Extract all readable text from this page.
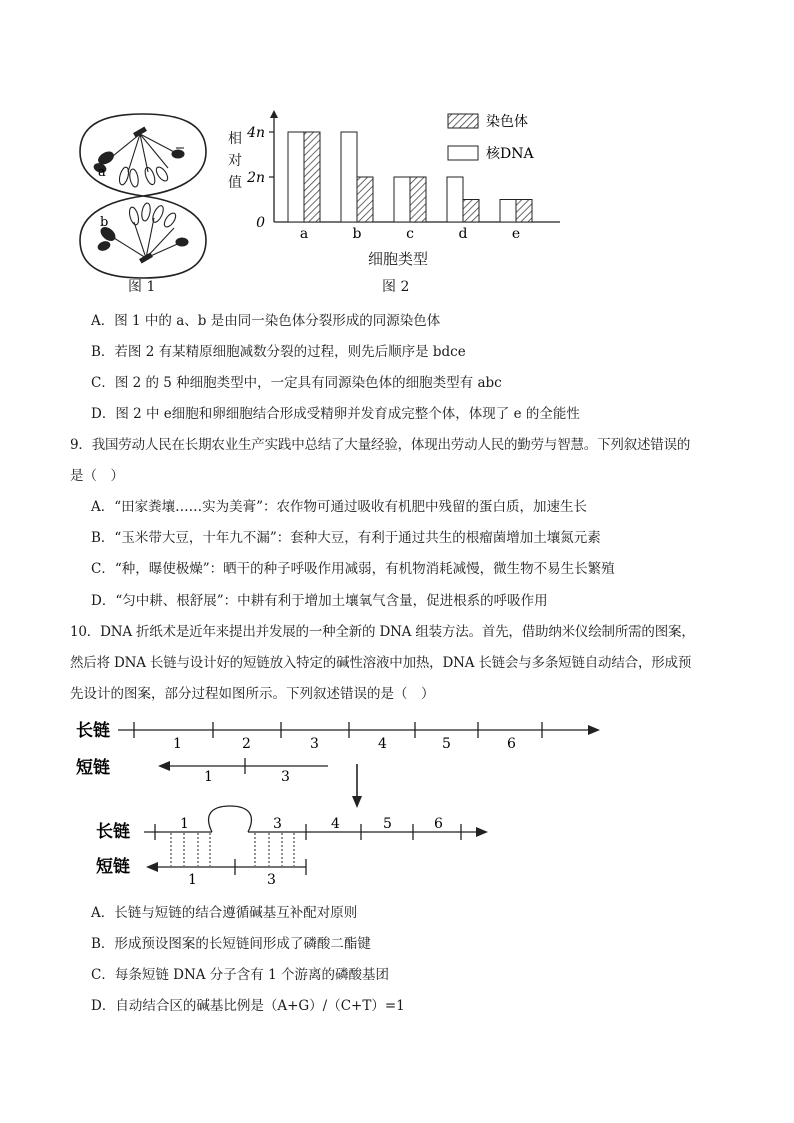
a
b
图 1
0
2n
4n
a	b	c	d	e
染色体
核DNA
相
对
值
细胞类型
图 2
A．图 1 中的 a、b 是由同一染色体分裂形成的同源染色体
B．若图 2 有某精原细胞减数分裂的过程，则先后顺序是 bdce
C．图 2 的 5 种细胞类型中，一定具有同源染色体的细胞类型有 abc
D．图 2 中 e细胞和卵细胞结合形成受精卵并发育成完整个体，体现了 e 的全能性
9．我国劳动人民在长期农业生产实践中总结了大量经验，体现出劳动人民的勤劳与智慧。下列叙述错误的
是（　）
A．“田家粪壤……实为美膏”：农作物可通过吸收有机肥中残留的蛋白质，加速生长
B．“玉米带大豆，十年九不漏”：套种大豆，有利于通过共生的根瘤菌增加土壤氮元素
C．“种，曝使极燥”：晒干的种子呼吸作用减弱，有机物消耗减慢，微生物不易生长繁殖
D．“匀中耕、根舒展”：中耕有利于增加土壤氧气含量，促进根系的呼吸作用
10．DNA 折纸术是近年来提出并发展的一种全新的 DNA 组装方法。首先，借助纳米仪绘制所需的图案，
然后将 DNA 长链与设计好的短链放入特定的碱性溶液中加热，DNA 长链会与多条短链自动结合，形成预
先设计的图案，部分过程如图所示。下列叙述错误的是（　）
长链
1	2	3	4	5	6
短链	1	3
长链	1	3	4	5	6
短链
1	3
A．长链与短链的结合遵循碱基互补配对原则
B．形成预设图案的长短链间形成了磷酸二酯键
C．每条短链 DNA 分子含有 1 个游离的磷酸基团
D．自动结合区的碱基比例是（A+G）/（C+T）=1
